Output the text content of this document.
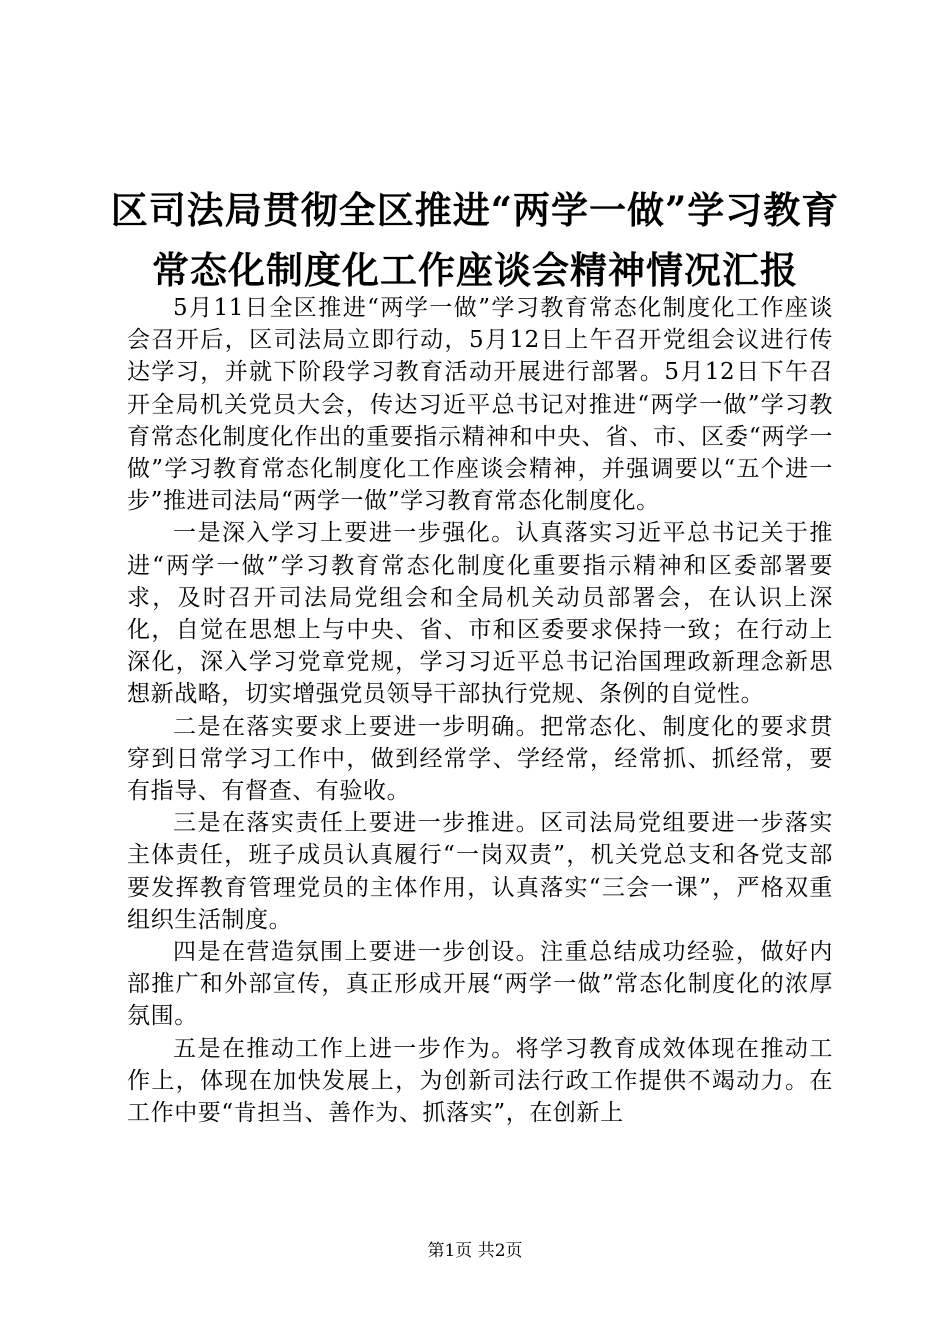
区司法局贯彻全区推进“两学一做”学习教育
常态化制度化工作座谈会精神情况汇报

5月11日全区推进“两学一做”学习教育常态化制度化工作座谈会召开后，区司法局立即行动，5月12日上午召开党组会议进行传达学习，并就下阶段学习教育活动开展进行部署。5月12日下午召开全局机关党员大会，传达习近平总书记对推进“两学一做”学习教育常态化制度化作出的重要指示精神和中央、省、市、区委“两学一做”学习教育常态化制度化工作座谈会精神，并强调要以“五个进一步”推进司法局“两学一做”学习教育常态化制度化。

一是深入学习上要进一步强化。认真落实习近平总书记关于推进“两学一做”学习教育常态化制度化重要指示精神和区委部署要求，及时召开司法局党组会和全局机关动员部署会，在认识上深化，自觉在思想上与中央、省、市和区委要求保持一致；在行动上深化，深入学习党章党规，学习习近平总书记治国理政新理念新思想新战略，切实增强党员领导干部执行党规、条例的自觉性。

二是在落实要求上要进一步明确。把常态化、制度化的要求贯穿到日常学习工作中，做到经常学、学经常，经常抓、抓经常，要有指导、有督查、有验收。

三是在落实责任上要进一步推进。区司法局党组要进一步落实主体责任，班子成员认真履行“一岗双责”，机关党总支和各党支部要发挥教育管理党员的主体作用，认真落实“三会一课”，严格双重组织生活制度。

四是在营造氛围上要进一步创设。注重总结成功经验，做好内部推广和外部宣传，真正形成开展“两学一做”常态化制度化的浓厚氛围。

五是在推动工作上进一步作为。将学习教育成效体现在推动工作上，体现在加快发展上，为创新司法行政工作提供不竭动力。在工作中要“肯担当、善作为、抓落实”，在创新上

第1页 共2页
